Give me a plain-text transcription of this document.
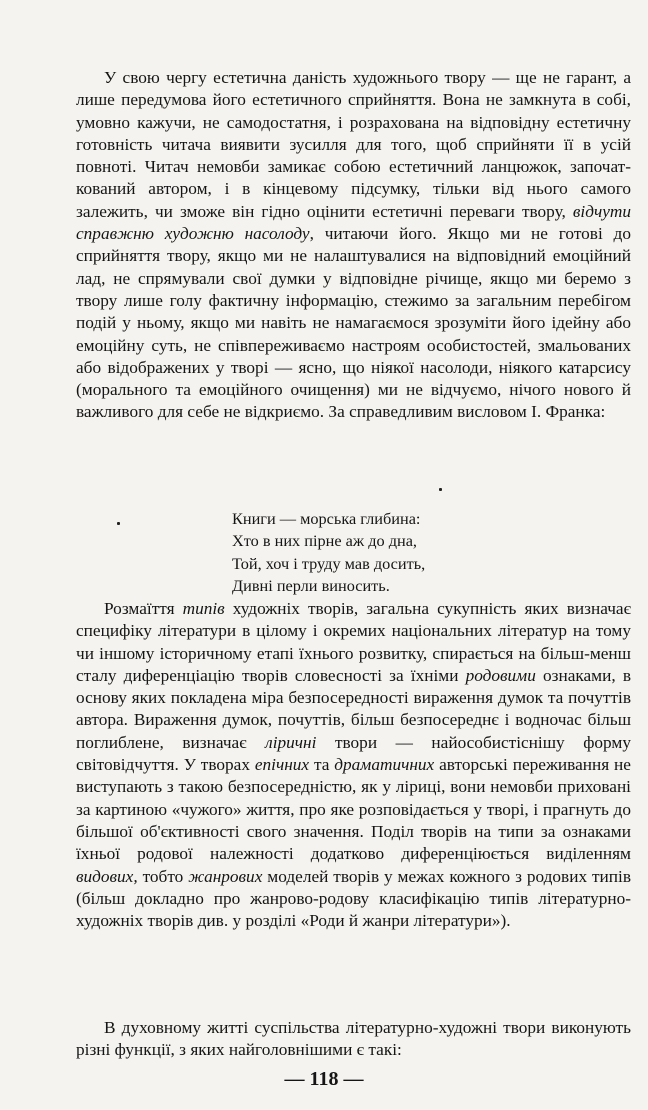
У свою чергу естетична даність художнього твору — ще не гарант, а лише передумова його естетичного сприйняття. Вона не замкнута в собі, умовно кажучи, не самодостатня, і розрахована на відповідну естетичну готовність читача виявити зусилля для того, щоб сприйняти її в усій повноті. Читач немовби замикає собою естетичний ланцюжок, започаткований автором, і в кінцевому підсумку, тільки від нього самого залежить, чи зможе він гідно оцінити естетичні переваги твору, відчути справжню художню насолоду, читаючи його. Якщо ми не готові до сприйняття твору, якщо ми не налаштувалися на відповідний емоційний лад, не спрямували свої думки у відповідне річище, якщо ми беремо з твору лише голу фактичну інформацію, стежимо за загальним перебігом подій у ньому, якщо ми навіть не намагаємося зрозуміти його ідейну або емоційну суть, не співпереживаємо настроям особистостей, змальованих або відображених у творі — ясно, що ніякої насолоди, ніякого катарсису (морального та емоційного очищення) ми не відчуємо, нічого нового й важливого для себе не відкриємо. За справедливим висловом І. Франка:
Книги — морська глибина:
Хто в них пірне аж до дна,
Той, хоч і труду мав досить,
Дивні перли виносить.
Розмаїття типів художніх творів, загальна сукупність яких визначає специфіку літератури в цілому і окремих національних літератур на тому чи іншому історичному етапі їхнього розвитку, спирається на більш-менш сталу диференціацію творів словесності за їхніми родовими ознаками, в основу яких покладена міра безпосередності вираження думок та почуттів автора. Вираження думок, почуттів, більш безпосереднє і водночас більш поглиблене, визначає ліричні твори — найособистіснішу форму світовідчуття. У творах епічних та драматичних авторські переживання не виступають з такою безпосередністю, як у ліриці, вони немовби приховані за картиною «чужого» життя, про яке розповідається у творі, і прагнуть до більшої об'єктивності свого значення. Поділ творів на типи за ознаками їхньої родової належності додатково диференціюється виділенням видових, тобто жанрових моделей творів у межах кожного з родових типів (більш докладно про жанрово-родову класифікацію типів літературно-художніх творів див. у розділі «Роди й жанри літератури»).
В духовному житті суспільства літературно-художні твори виконують різні функції, з яких найголовнішими є такі:
— 118 —
